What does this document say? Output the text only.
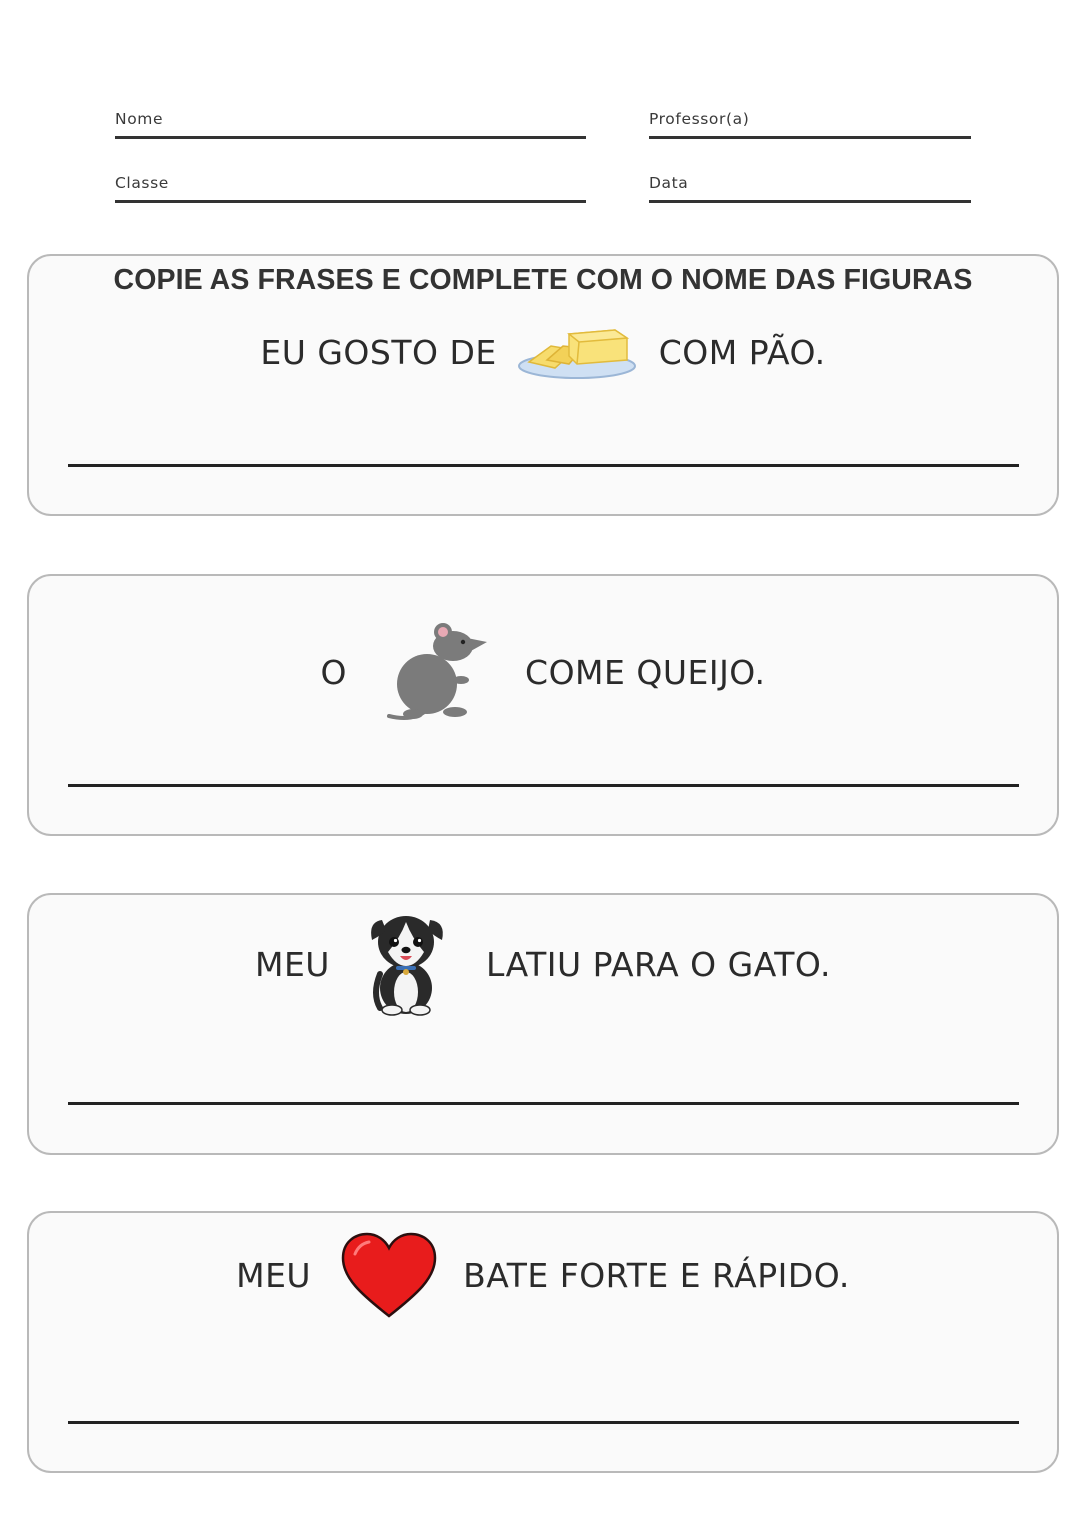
Nome	Professor(a)
Classe	Data
COPIE AS FRASES E COMPLETE COM O NOME DAS FIGURAS
EU GOSTO DE	COM PÃO.
O	COME QUEIJO.
MEU	LATIU PARA O GATO.
MEU	BATE FORTE E RÁPIDO.
